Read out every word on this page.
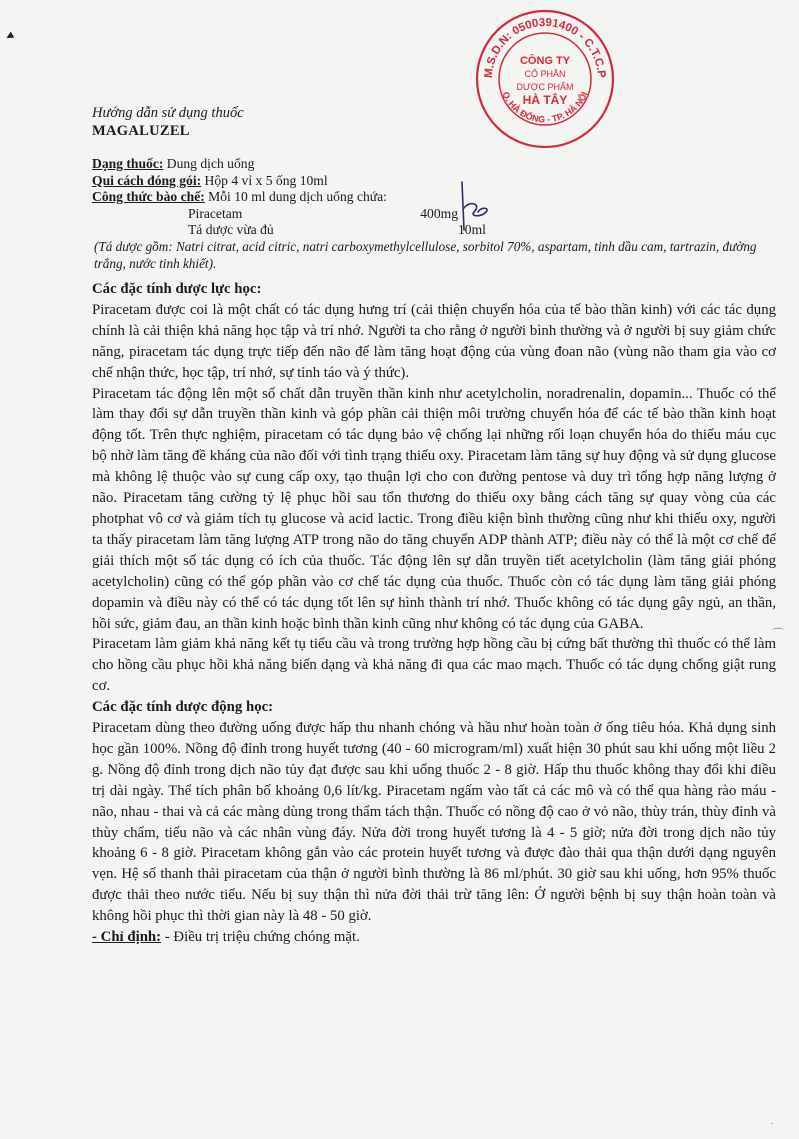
◂
M.S.D.N: 0500391400 - C.T.C.P
Q. HÀ ĐÔNG - TP. HÀ NỘI
CÔNG TY
CỔ PHẦN
DƯỢC PHẨM
HÀ TÂY
Hướng dẫn sử dụng thuốc
MAGALUZEL
Dạng thuốc: Dung dịch uống
Qui cách đóng gói: Hộp 4 vỉ x 5 ống 10ml
Công thức bào chế: Mỗi 10 ml dung dịch uống chứa:
Piracetam	400mg
Tá dược vừa đủ	10ml
(Tá dược gồm: Natri citrat, acid citric, natri carboxymethylcellulose, sorbitol 70%, aspartam, tinh dầu cam, tartrazin, đường trắng, nước tinh khiết).
Các đặc tính dược lực học:

Piracetam được coi là một chất có tác dụng hưng trí (cải thiện chuyển hóa của tế bào thần kinh) với các tác dụng chính là cải thiện khả năng học tập và trí nhớ. Người ta cho rằng ở người bình thường và ở người bị suy giảm chức năng, piracetam tác dụng trực tiếp đến não để làm tăng hoạt động của vùng đoan não (vùng não tham gia vào cơ chế nhận thức, học tập, trí nhớ, sự tỉnh táo và ý thức).

Piracetam tác động lên một số chất dẫn truyền thần kinh như acetylcholin, noradrenalin, dopamin... Thuốc có thể làm thay đổi sự dẫn truyền thần kinh và góp phần cải thiện môi trường chuyển hóa để các tế bào thần kinh hoạt động tốt. Trên thực nghiệm, piracetam có tác dụng bảo vệ chống lại những rối loạn chuyển hóa do thiếu máu cục bộ nhờ làm tăng đề kháng của não đối với tình trạng thiếu oxy. Piracetam làm tăng sự huy động và sử dụng glucose mà không lệ thuộc vào sự cung cấp oxy, tạo thuận lợi cho con đường pentose và duy trì tổng hợp năng lượng ở não. Piracetam tăng cường tỷ lệ phục hồi sau tổn thương do thiếu oxy bằng cách tăng sự quay vòng của các photphat vô cơ và giảm tích tụ glucose và acid lactic. Trong điều kiện bình thường cũng như khi thiếu oxy, người ta thấy piracetam làm tăng lượng ATP trong não do tăng chuyển ADP thành ATP; điều này có thể là một cơ chế để giải thích một số tác dụng có ích của thuốc. Tác động lên sự dẫn truyền tiết acetylcholin (làm tăng giải phóng acetylcholin) cũng có thể góp phần vào cơ chế tác dụng của thuốc. Thuốc còn có tác dụng làm tăng giải phóng dopamin và điều này có thể có tác dụng tốt lên sự hình thành trí nhớ. Thuốc không có tác dụng gây ngủ, an thần, hồi sức, giảm đau, an thần kinh hoặc bình thần kinh cũng như không có tác dụng của GABA.

Piracetam làm giảm khả năng kết tụ tiểu cầu và trong trường hợp hồng cầu bị cứng bất thường thì thuốc có thể làm cho hồng cầu phục hồi khả năng biến dạng và khả năng đi qua các mao mạch. Thuốc có tác dụng chống giật rung cơ.

Các đặc tính dược động học:

Piracetam dùng theo đường uống được hấp thu nhanh chóng và hầu như hoàn toàn ở ống tiêu hóa. Khả dụng sinh học gần 100%. Nồng độ đỉnh trong huyết tương (40 - 60 microgram/ml) xuất hiện 30 phút sau khi uống một liều 2 g. Nồng độ đỉnh trong dịch não tủy đạt được sau khi uống thuốc 2 - 8 giờ. Hấp thu thuốc không thay đổi khi điều trị dài ngày. Thể tích phân bố khoảng 0,6 lít/kg. Piracetam ngấm vào tất cả các mô và có thể qua hàng rào máu - não, nhau - thai và cả các màng dùng trong thẩm tách thận. Thuốc có nồng độ cao ở vỏ não, thùy trán, thùy đỉnh và thùy chẩm, tiểu não và các nhân vùng đáy. Nửa đời trong huyết tương là 4 - 5 giờ; nửa đời trong dịch não tủy khoảng 6 - 8 giờ. Piracetam không gắn vào các protein huyết tương và được đào thải qua thận dưới dạng nguyên vẹn. Hệ số thanh thải piracetam của thận ở người bình thường là 86 ml/phút. 30 giờ sau khi uống, hơn 95% thuốc được thải theo nước tiểu. Nếu bị suy thận thì nửa đời thải trừ tăng lên: Ở người bệnh bị suy thận hoàn toàn và không hồi phục thì thời gian này là 48 - 50 giờ.

- Chỉ định: - Điều trị triệu chứng chóng mặt.
⌒
·
